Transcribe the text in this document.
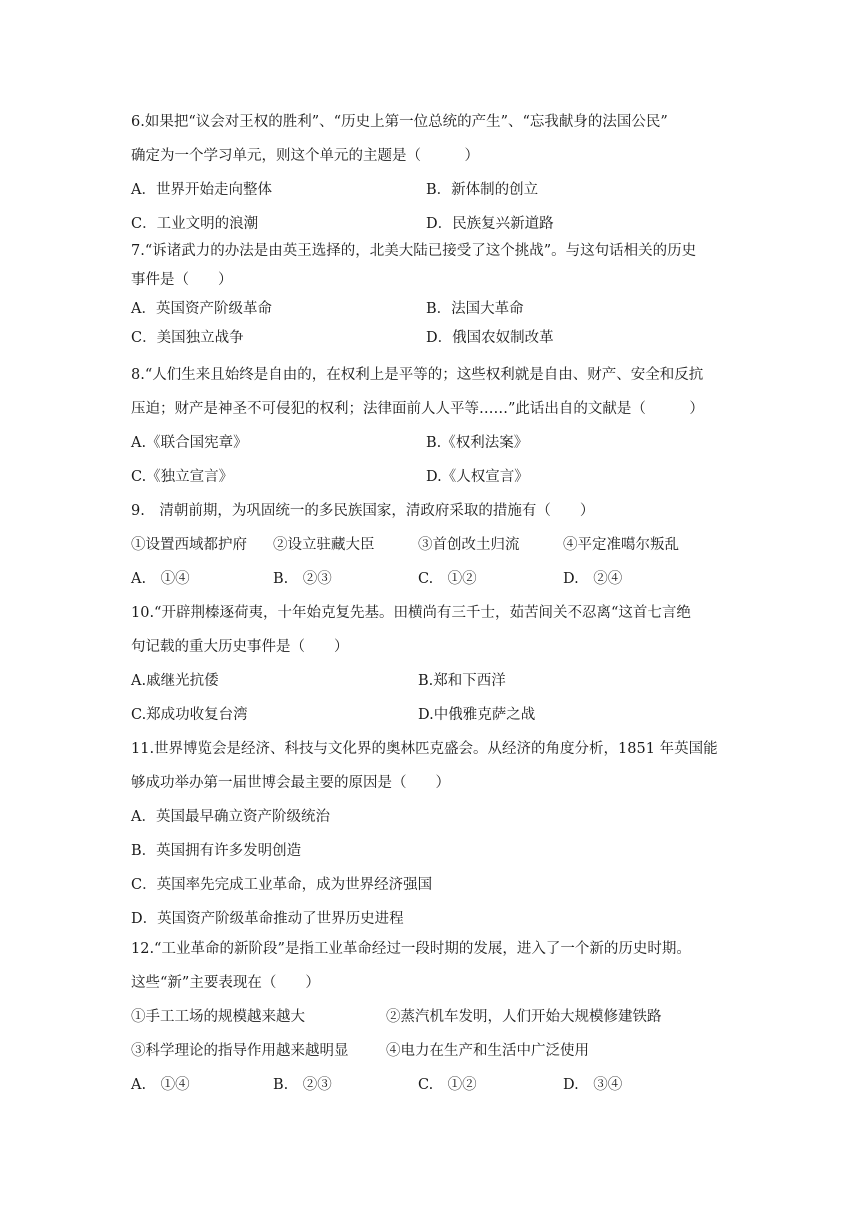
6.如果把“议会对王权的胜利”、“历史上第一位总统的产生”、“忘我献身的法国公民”
确定为一个学习单元，则这个单元的主题是（　　　）
A．世界开始走向整体	B．新体制的创立
C．工业文明的浪潮	D．民族复兴新道路
7.“诉诸武力的办法是由英王选择的，北美大陆已接受了这个挑战”。与这句话相关的历史
事件是（　　）
A．英国资产阶级革命	B．法国大革命
C．美国独立战争	D．俄国农奴制改革
8.“人们生来且始终是自由的，在权利上是平等的；这些权利就是自由、财产、安全和反抗
压迫；财产是神圣不可侵犯的权利；法律面前人人平等……”此话出自的文献是（　　　）
A.《联合国宪章》	B.《权利法案》
C.《独立宣言》	D.《人权宣言》
9.　清朝前期，为巩固统一的多民族国家，清政府采取的措施有（　　）
①设置西域都护府 ②设立驻藏大臣	③首创改土归流	④平定准噶尔叛乱
A.　①④	B.　②③	C.　①②	D.　②④
10.“开辟荆榛逐荷夷，十年始克复先基。田横尚有三千士，茹苦间关不忍离“这首七言绝
句记载的重大历史事件是（　　）
A.戚继光抗倭	B.郑和下西洋
C.郑成功收复台湾	D.中俄雅克萨之战
11.世界博览会是经济、科技与文化界的奥林匹克盛会。从经济的角度分析，1851 年英国能
够成功举办第一届世博会最主要的原因是（　　）
A．英国最早确立资产阶级统治
B．英国拥有许多发明创造
C．英国率先完成工业革命，成为世界经济强国
D．英国资产阶级革命推动了世界历史进程
12.“工业革命的新阶段”是指工业革命经过一段时期的发展，进入了一个新的历史时期。
这些“新”主要表现在（　　）
①手工工场的规模越来越大	②蒸汽机车发明，人们开始大规模修建铁路
③科学理论的指导作用越来越明显	④电力在生产和生活中广泛使用
A.　①④	B.　②③	C.　①②	D.　③④
